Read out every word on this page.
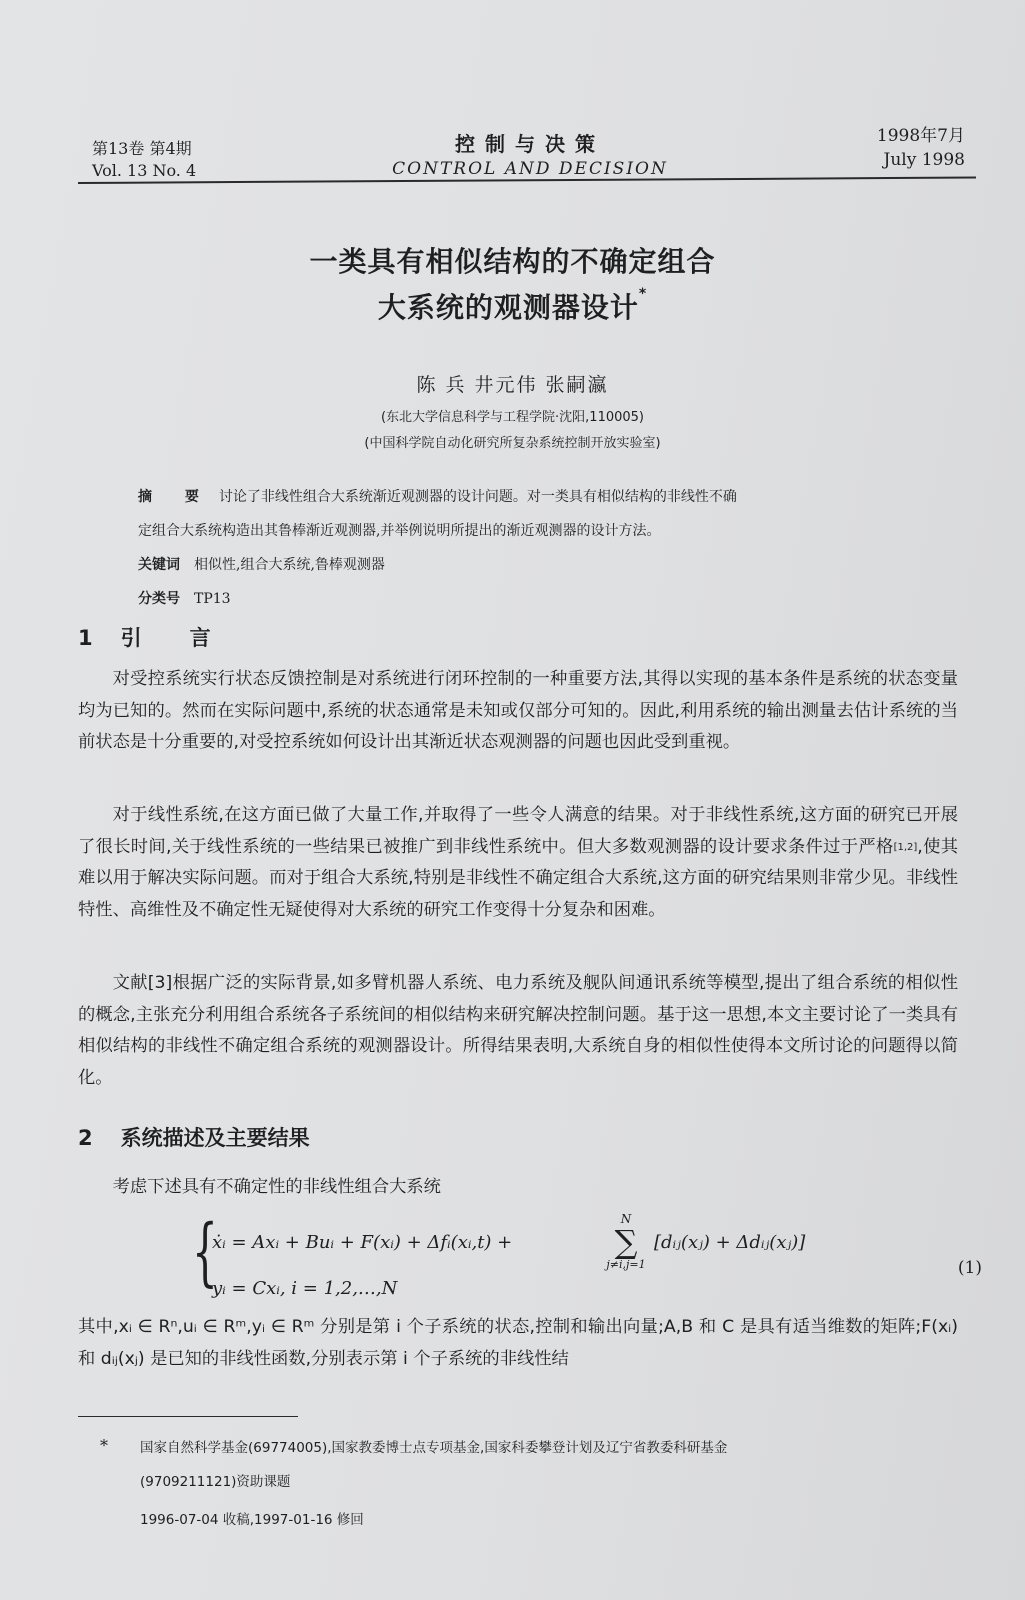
第13卷 第4期
Vol. 13 No. 4
控制与决策
CONTROL AND DECISION
1998年7月
July 1998
一类具有相似结构的不确定组合
大系统的观测器设计*
陈 兵 井元伟 张嗣瀛
(东北大学信息科学与工程学院·沈阳,110005)
(中国科学院自动化研究所复杂系统控制开放实验室)
摘 要 讨论了非线性组合大系统渐近观测器的设计问题。对一类具有相似结构的非线性不确
定组合大系统构造出其鲁棒渐近观测器,并举例说明所提出的渐近观测器的设计方法。
关键词 相似性,组合大系统,鲁棒观测器
分类号 TP13
1 引言
对受控系统实行状态反馈控制是对系统进行闭环控制的一种重要方法,其得以实现的基本条件是系统的状态变量均为已知的。然而在实际问题中,系统的状态通常是未知或仅部分可知的。因此,利用系统的输出测量去估计系统的当前状态是十分重要的,对受控系统如何设计出其渐近状态观测器的问题也因此受到重视。
对于线性系统,在这方面已做了大量工作,并取得了一些令人满意的结果。对于非线性系统,这方面的研究已开展了很长时间,关于线性系统的一些结果已被推广到非线性系统中。但大多数观测器的设计要求条件过于严格[1,2],使其难以用于解决实际问题。而对于组合大系统,特别是非线性不确定组合大系统,这方面的研究结果则非常少见。非线性特性、高维性及不确定性无疑使得对大系统的研究工作变得十分复杂和困难。
文献[3]根据广泛的实际背景,如多臂机器人系统、电力系统及舰队间通讯系统等模型,提出了组合系统的相似性的概念,主张充分利用组合系统各子系统间的相似结构来研究解决控制问题。基于这一思想,本文主要讨论了一类具有相似结构的非线性不确定组合系统的观测器设计。所得结果表明,大系统自身的相似性使得本文所讨论的问题得以简化。
2 系统描述及主要结果
考虑下述具有不确定性的非线性组合大系统
{
ẋᵢ = Axᵢ + Buᵢ + F(xᵢ) + Δfᵢ(xᵢ,t) +
N
∑
j≠i,j=1
[dᵢⱼ(xⱼ) + Δdᵢⱼ(xⱼ)]
yᵢ = Cxᵢ, i = 1,2,…,N
(1)
其中,xᵢ ∈ Rⁿ,uᵢ ∈ Rᵐ,yᵢ ∈ Rᵐ 分别是第 i 个子系统的状态,控制和输出向量;A,B 和 C 是具有适当维数的矩阵;F(xᵢ) 和 dᵢⱼ(xⱼ) 是已知的非线性函数,分别表示第 i 个子系统的非线性结
* 国家自然科学基金(69774005),国家教委博士点专项基金,国家科委攀登计划及辽宁省教委科研基金
(9709211121)资助课题
1996-07-04 收稿,1997-01-16 修回
